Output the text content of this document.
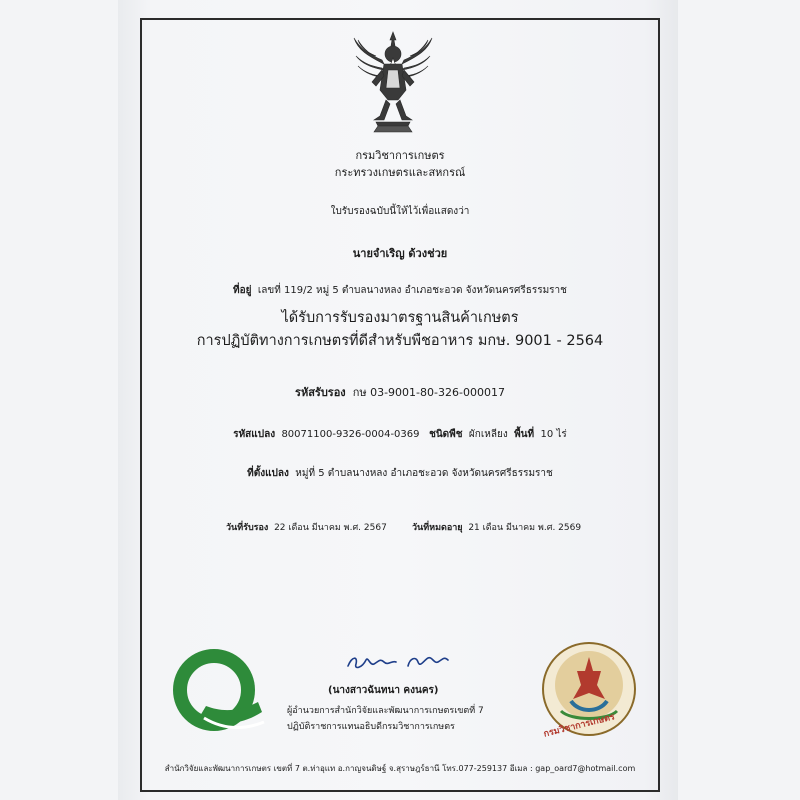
กรมวิชาการเกษตร
กระทรวงเกษตรและสหกรณ์
ใบรับรองฉบับนี้ให้ไว้เพื่อแสดงว่า
นายจำเริญ ด้วงช่วย
ที่อยู่ เลขที่ 119/2 หมู่ 5 ตำบลนางหลง อำเภอชะอวด จังหวัดนครศรีธรรมราช
ได้รับการรับรองมาตรฐานสินค้าเกษตร
การปฏิบัติทางการเกษตรที่ดีสำหรับพืชอาหาร มกษ. 9001 - 2564
รหัสรับรอง กษ 03-9001-80-326-000017
รหัสแปลง 80071100-9326-0004-0369 ชนิดพืช ผักเหลียง พื้นที่ 10 ไร่
ที่ตั้งแปลง หมู่ที่ 5 ตำบลนางหลง อำเภอชะอวด จังหวัดนครศรีธรรมราช
วันที่รับรอง 22 เดือน มีนาคม พ.ศ. 2567	วันที่หมดอายุ 21 เดือน มีนาคม พ.ศ. 2569
(นางสาวฉันทนา คงนคร)
ผู้อำนวยการสำนักวิจัยและพัฒนาการเกษตรเขตที่ 7
ปฏิบัติราชการแทนอธิบดีกรมวิชาการเกษตร	กรมวิชาการเกษตร
สำนักวิจัยและพัฒนาการเกษตร เขตที่ 7 ต.ท่าอุแท อ.กาญจนดิษฐ์ จ.สุราษฎร์ธานี โทร.077-259137 อีเมล : gap_oard7@hotmail.com
